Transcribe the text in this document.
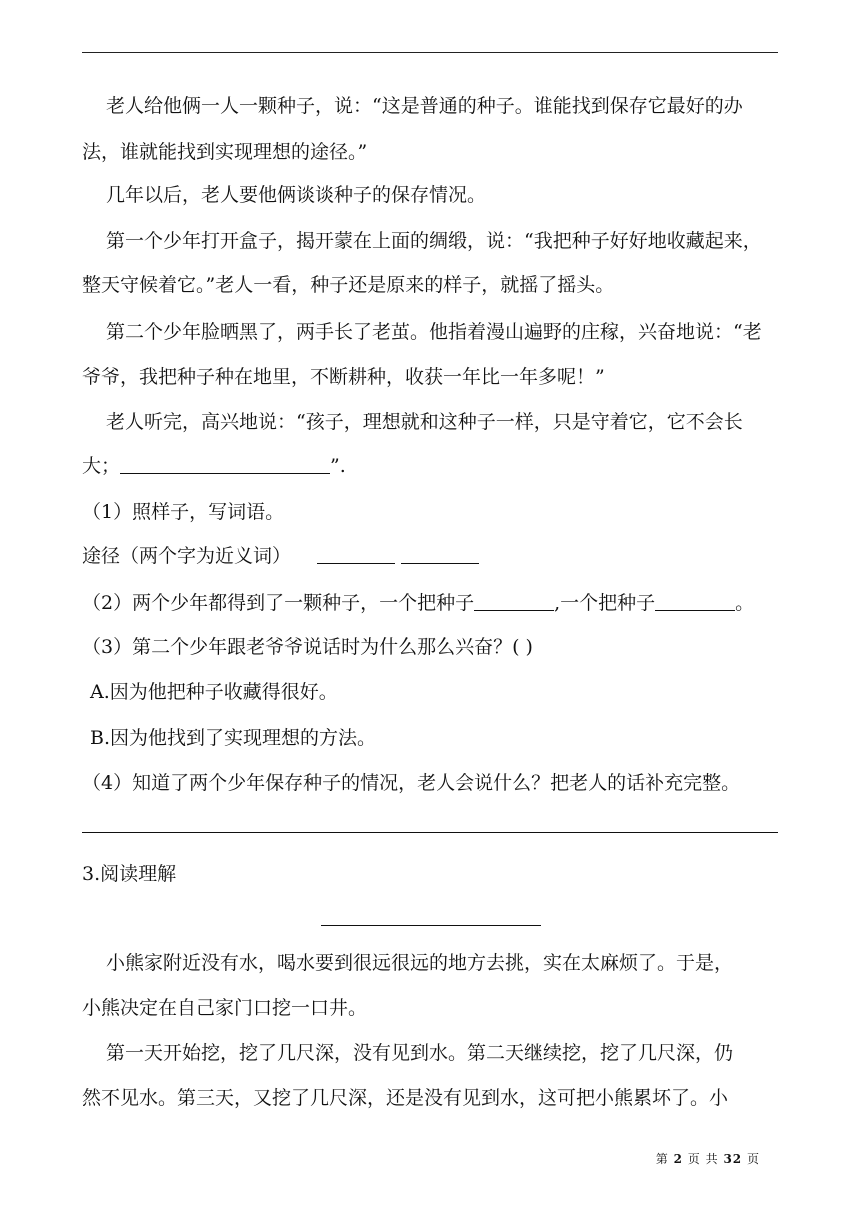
老人给他俩一人一颗种子，说：“这是普通的种子。谁能找到保存它最好的办
法，谁就能找到实现理想的途径。”
几年以后，老人要他俩谈谈种子的保存情况。
第一个少年打开盒子，揭开蒙在上面的绸缎，说：“我把种子好好地收藏起来，
整天守候着它。”老人一看，种子还是原来的样子，就摇了摇头。
第二个少年脸晒黑了，两手长了老茧。他指着漫山遍野的庄稼，兴奋地说：“老
爷爷，我把种子种在地里，不断耕种，收获一年比一年多呢！”
老人听完，高兴地说：“孩子，理想就和这种子一样，只是守着它，它不会长
大；	”.
（1）照样子，写词语。
途径（两个字为近义词）
（2）两个少年都得到了一颗种子，一个把种子	,一个把种子	。
（3）第二个少年跟老爷爷说话时为什么那么兴奋？( )
A.因为他把种子收藏得很好。
B.因为他找到了实现理想的方法。
（4）知道了两个少年保存种子的情况，老人会说什么？把老人的话补充完整。
3.阅读理解
小熊家附近没有水，喝水要到很远很远的地方去挑，实在太麻烦了。于是，
小熊决定在自己家门口挖一口井。
第一天开始挖，挖了几尺深，没有见到水。第二天继续挖，挖了几尺深，仍
然不见水。第三天，又挖了几尺深，还是没有见到水，这可把小熊累坏了。小
第 2 页 共 32 页
